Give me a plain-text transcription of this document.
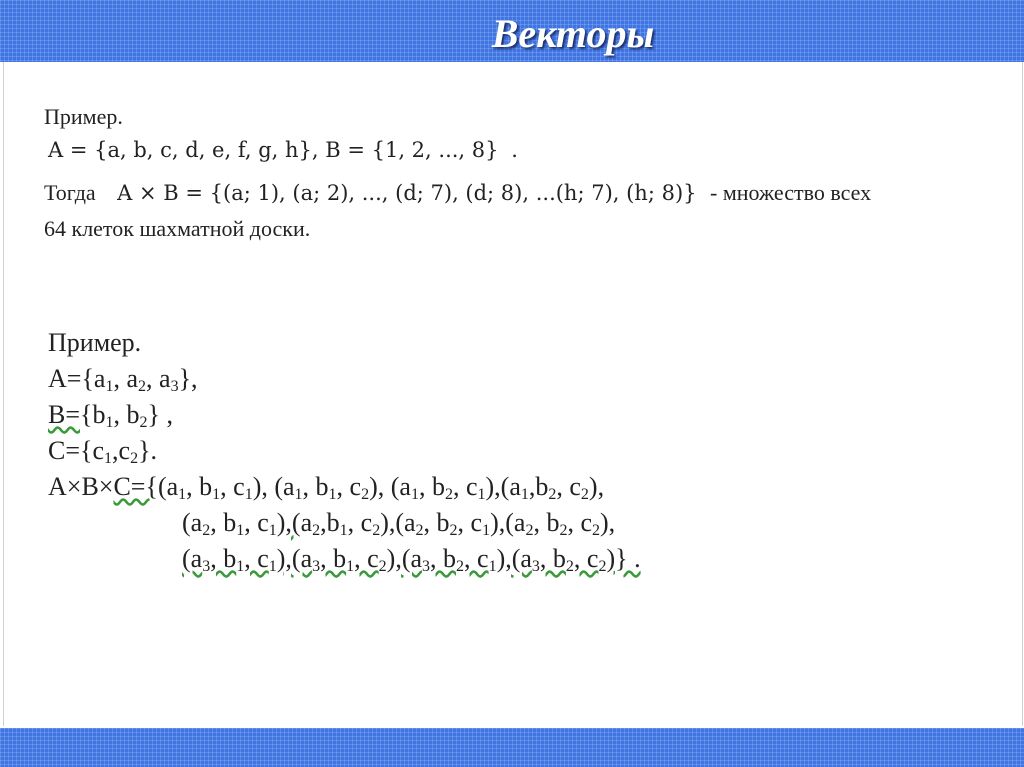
Векторы
Пример.
A = {a, b, c, d, e, f, g, h}, B = {1, 2, ..., 8} .
Тогда A × B = {(a; 1), (a; 2), ..., (d; 7), (d; 8), ...(h; 7), (h; 8)} - множество всех
64 клеток шахматной доски.
Пример.
$A=\{a_1$, $a_2$, $a_3$},
$B=\{b_1$, $b_2$} ,
$C=\{c_1,c_2\}$.
$A\times B\times C=\{(a_1$, $b_1$, $c_1$), ($a_1$, $b_1$, $c_2$), ($a_1$, $b_2$, $c_1),(a_1,b_2$, $c_2$),
($a_2$, $b_1$, $c_1),(a_2,b_1$, $c_2),(a_2$, $b_2$, $c_1),(a_2$, $b_2$, $c_2$),
($a_3$, $b_1$, $c_1),(a_3$, $b_1$, $c_2),(a_3$, $b_2$, $c_1),(a_3$, $b_2$, $c_2$)} .
